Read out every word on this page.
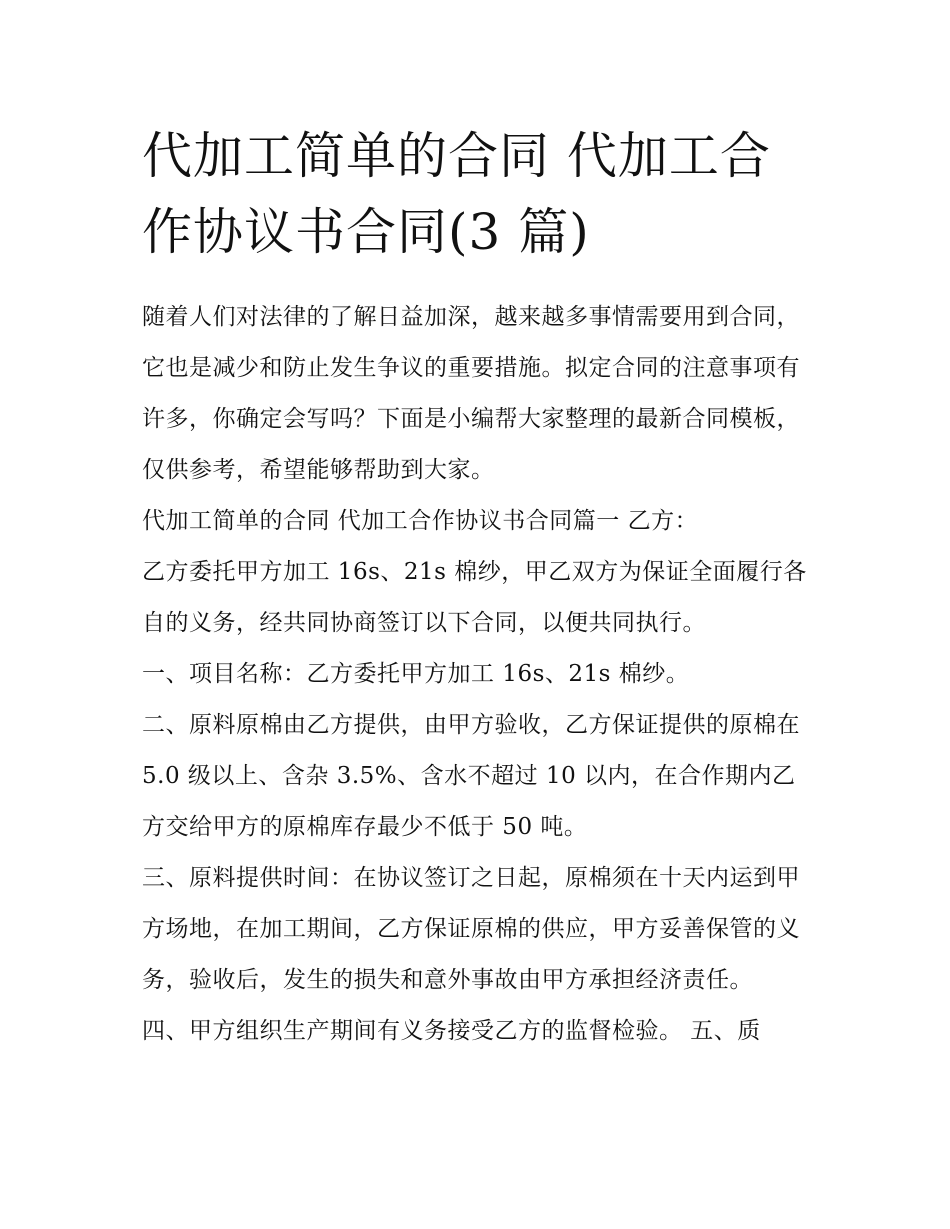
代加工简单的合同 代加工合作协议书合同(3 篇)

随着人们对法律的了解日益加深，越来越多事情需要用到合同，它也是减少和防止发生争议的重要措施。拟定合同的注意事项有许多，你确定会写吗？下面是小编帮大家整理的最新合同模板，仅供参考，希望能够帮助到大家。

代加工简单的合同 代加工合作协议书合同篇一 乙方：

乙方委托甲方加工 16s、21s 棉纱，甲乙双方为保证全面履行各自的义务，经共同协商签订以下合同，以便共同执行。

一、项目名称：乙方委托甲方加工 16s、21s 棉纱。

二、原料原棉由乙方提供，由甲方验收，乙方保证提供的原棉在 5.0 级以上、含杂 3.5%、含水不超过 10 以内，在合作期内乙方交给甲方的原棉库存最少不低于 50 吨。

三、原料提供时间：在协议签订之日起，原棉须在十天内运到甲方场地，在加工期间，乙方保证原棉的供应，甲方妥善保管的义务，验收后，发生的损失和意外事故由甲方承担经济责任。

四、甲方组织生产期间有义务接受乙方的监督检验。 五、质
